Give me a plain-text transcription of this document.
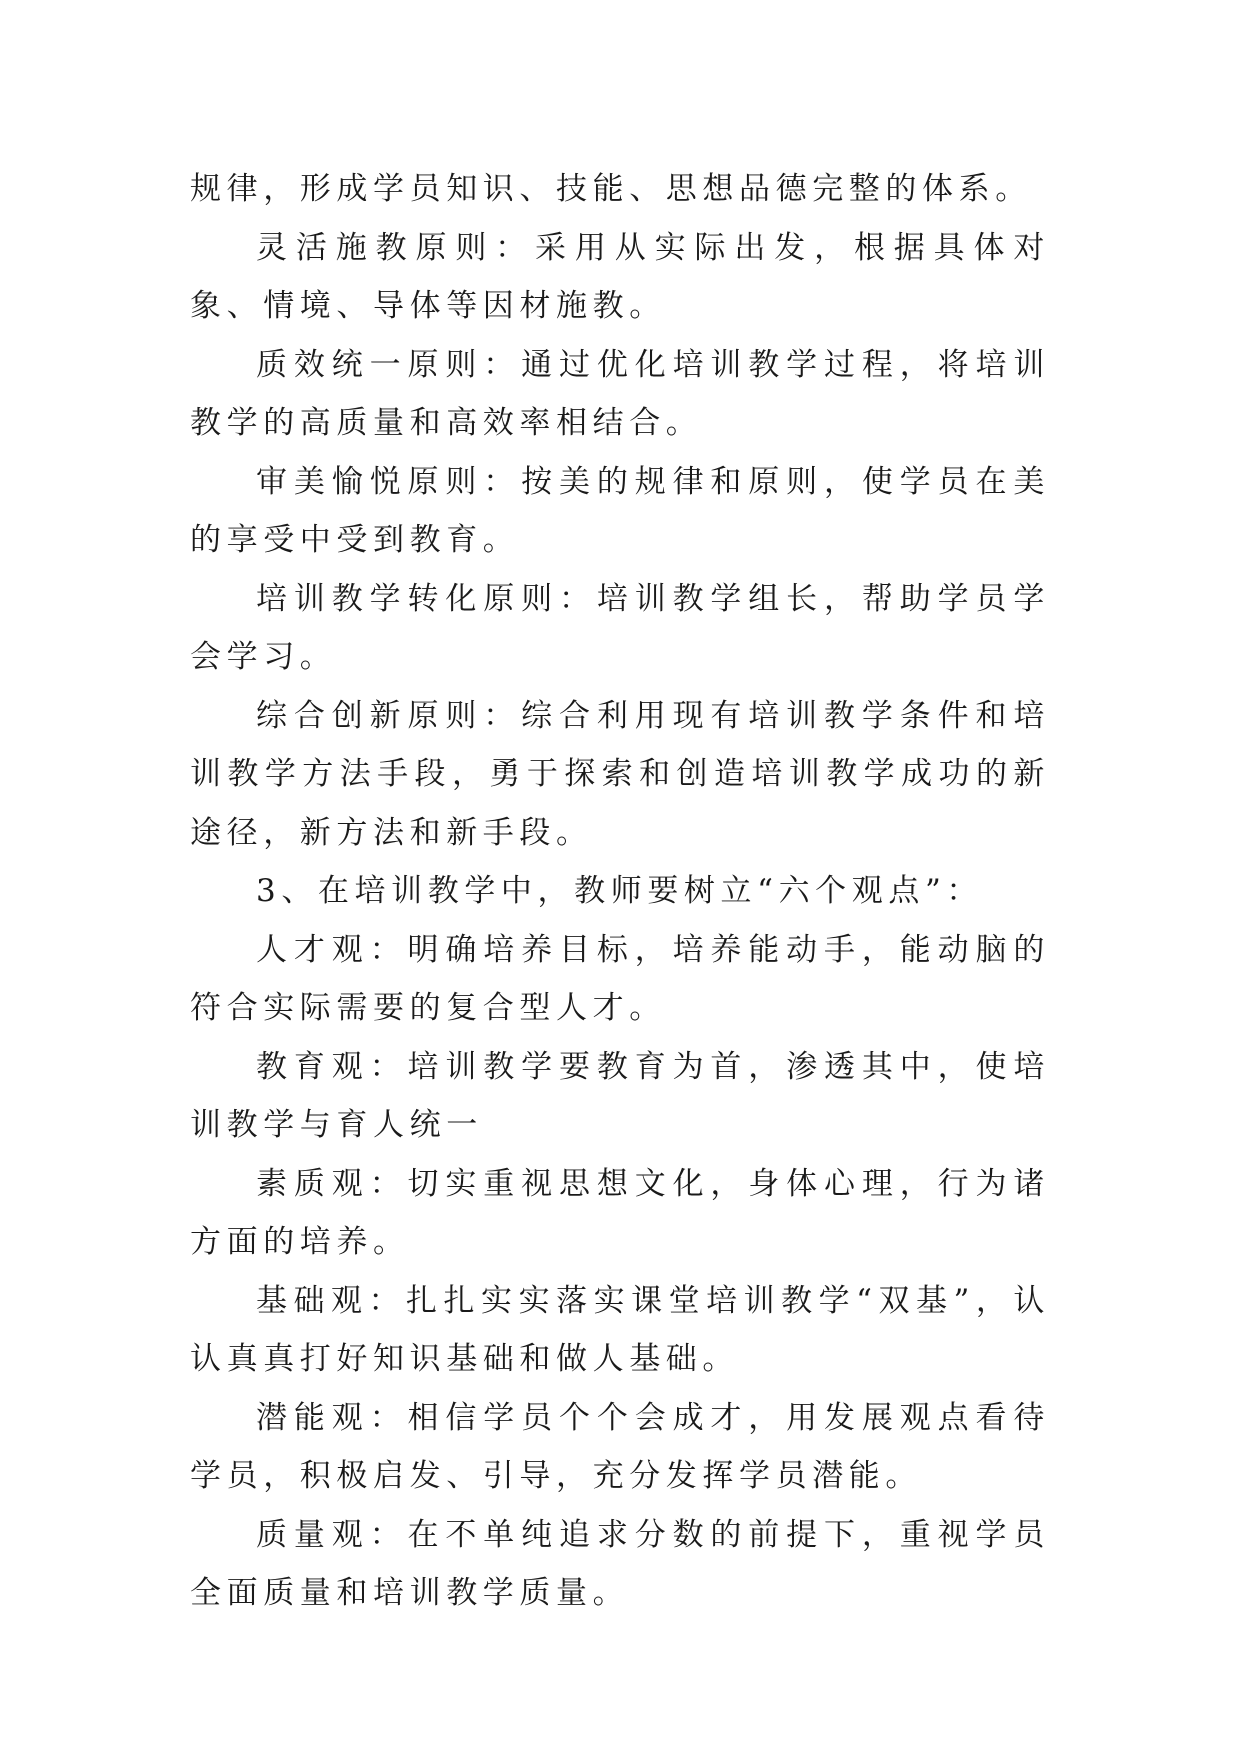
规律，形成学员知识、技能、思想品德完整的体系。

灵活施教原则：采用从实际出发，根据具体对象、情境、导体等因材施教。

质效统一原则：通过优化培训教学过程，将培训教学的高质量和高效率相结合。

审美愉悦原则：按美的规律和原则，使学员在美的享受中受到教育。

培训教学转化原则：培训教学组长，帮助学员学会学习。

综合创新原则：综合利用现有培训教学条件和培训教学方法手段，勇于探索和创造培训教学成功的新途径，新方法和新手段。

3、在培训教学中，教师要树立“六个观点”：

人才观：明确培养目标，培养能动手，能动脑的符合实际需要的复合型人才。

教育观：培训教学要教育为首，渗透其中，使培训教学与育人统一

素质观：切实重视思想文化，身体心理，行为诸方面的培养。

基础观：扎扎实实落实课堂培训教学“双基”，认认真真打好知识基础和做人基础。

潜能观：相信学员个个会成才，用发展观点看待学员，积极启发、引导，充分发挥学员潜能。

质量观：在不单纯追求分数的前提下，重视学员全面质量和培训教学质量。
